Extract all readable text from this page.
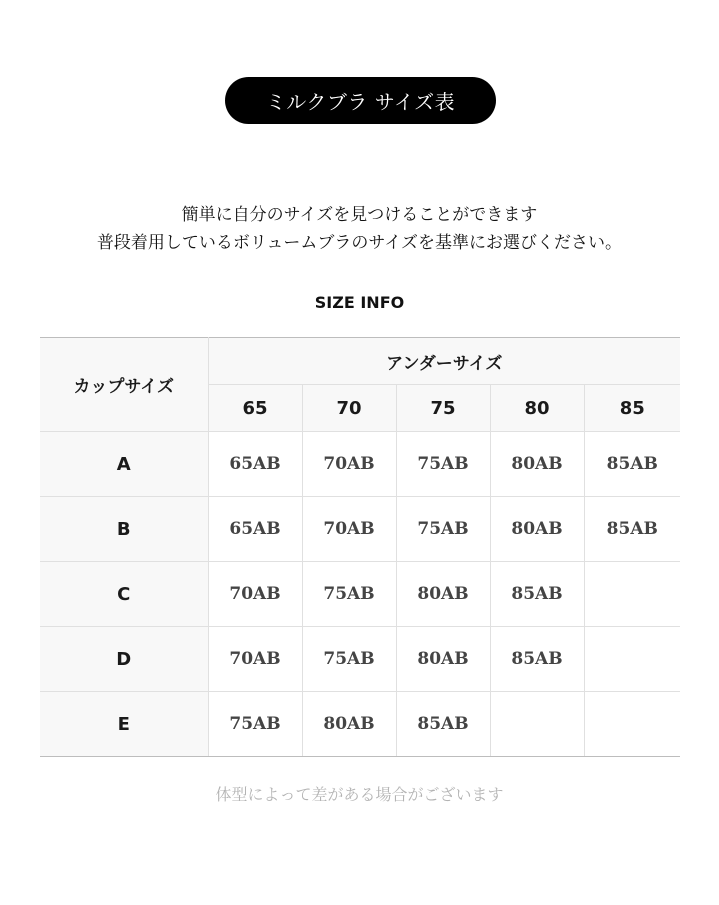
ミルクブラ サイズ表
簡単に自分のサイズを見つけることができます
普段着用しているボリュームブラのサイズを基準にお選びください。
SIZE INFO
カップサイズ	アンダーサイズ				
	65	70	75	80	85
A	65AB	70AB	75AB	80AB	85AB
B	65AB	70AB	75AB	80AB	85AB
C	70AB	75AB	80AB	85AB	
D	70AB	75AB	80AB	85AB	
E	75AB	80AB	85AB		
体型によって差がある場合がございます
